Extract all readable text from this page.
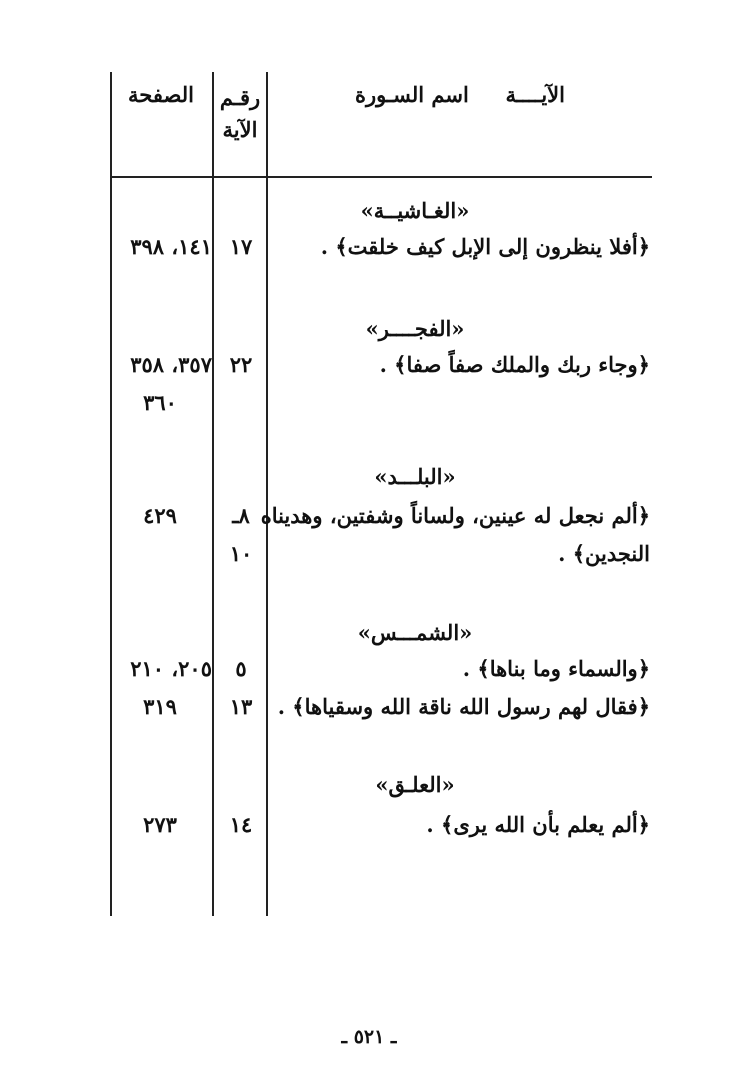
الآيــــة  اسم السـورة
رقـم
الآية
الصفحة
«الغـاشيــة»
﴿أفلا ينظرون إلى الإبل كيف خلقت﴾ .
١٧
١٤١، ٣٩٨
«الفجــــر»
﴿وجاء ربك والملك صفاً صفا﴾ .
٢٢
٣٥٧، ٣٥٨
٣٦٠
«البلـــد»
﴿ألم نجعل له عينين، ولساناً وشفتين، وهديناه
النجدين﴾ .
٨ـ
١٠
٤٢٩
«الشمـــس»
﴿والسماء وما بناها﴾ .
٥
٢٠٥، ٢١٠
﴿فقال لهم رسول الله ناقة الله وسقياها﴾ .
١٣
٣١٩
«العلـق»
﴿ألم يعلم بأن الله يرى﴾ .
١٤
٢٧٣
ـ ٥٢١ ـ
